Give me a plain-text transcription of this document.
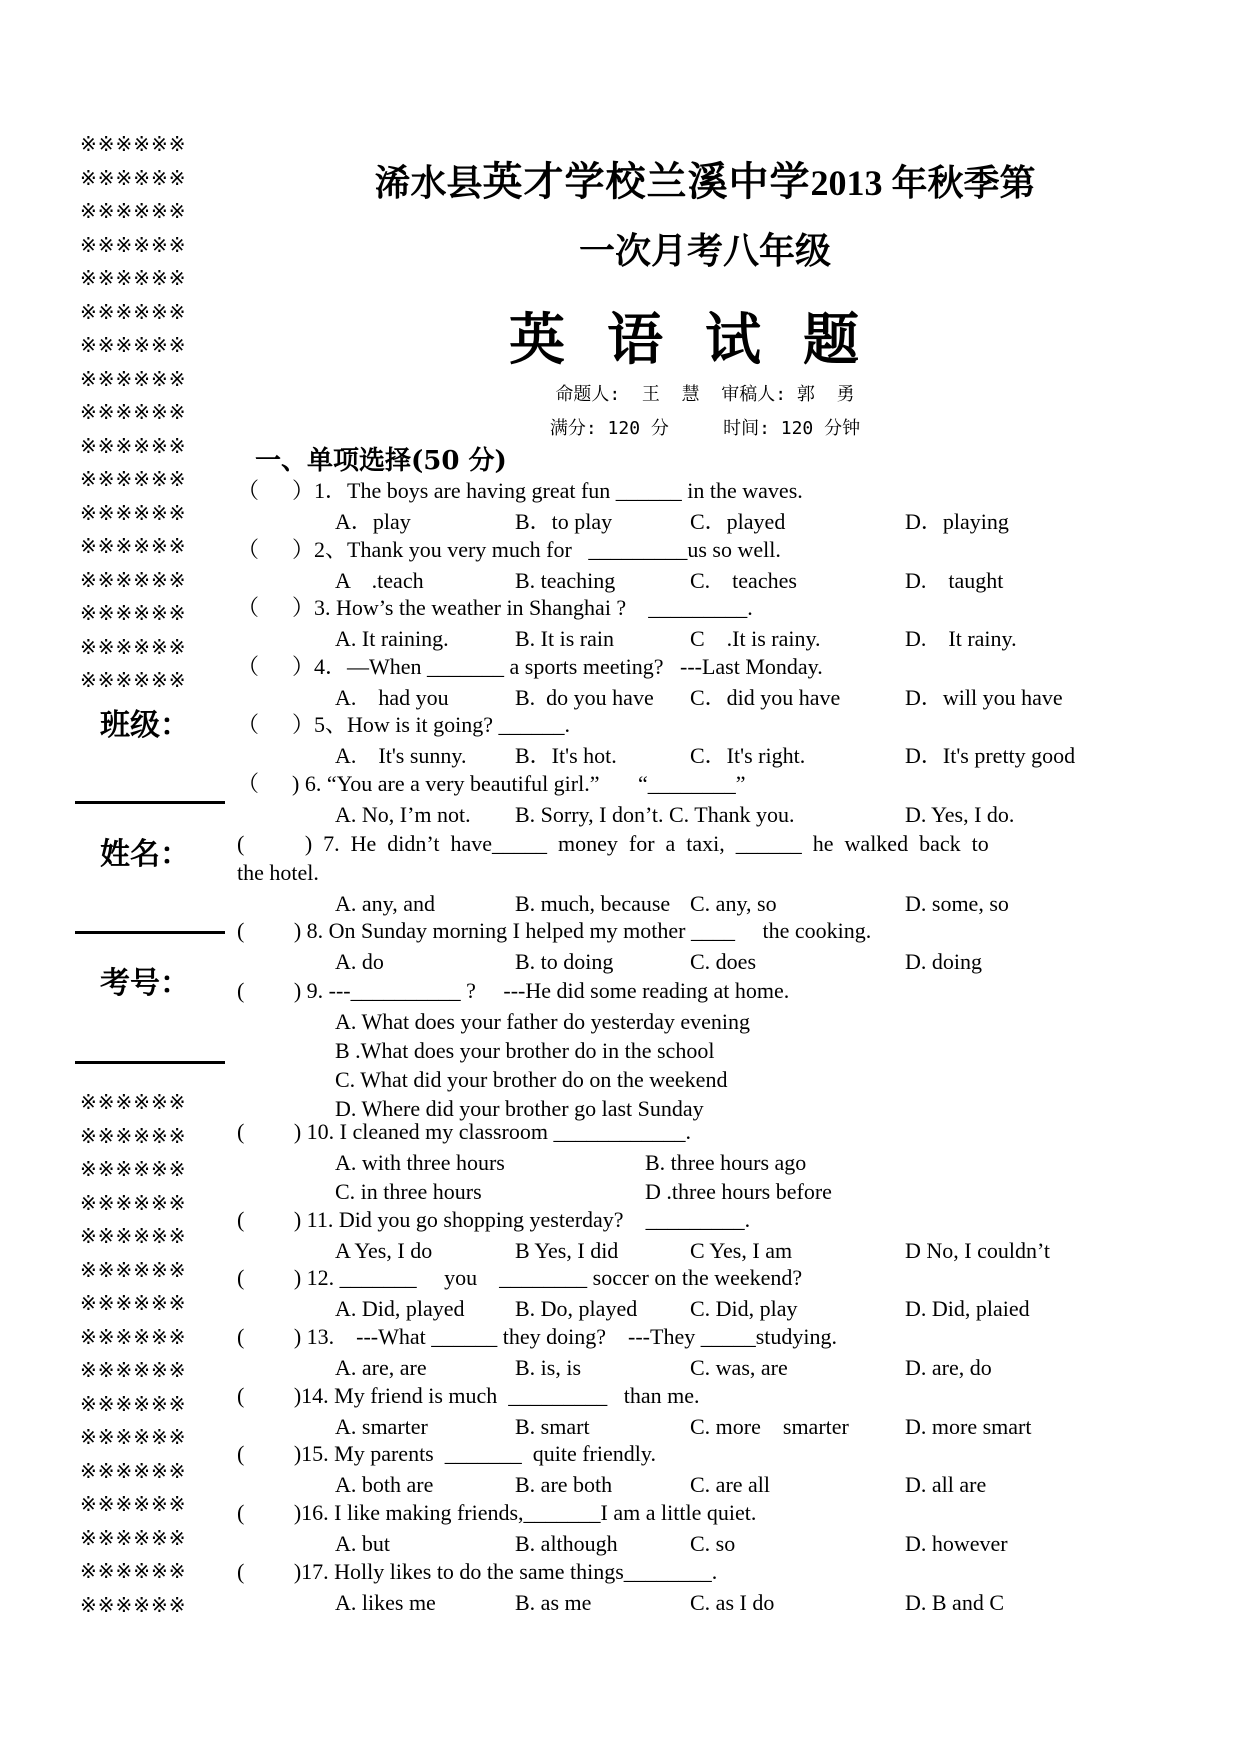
※※※※※※
※※※※※※
※※※※※※
※※※※※※
※※※※※※
※※※※※※
※※※※※※
※※※※※※
※※※※※※
※※※※※※
※※※※※※
※※※※※※
※※※※※※
※※※※※※
※※※※※※
※※※※※※
※※※※※※
班级：
姓名：
考号：
※※※※※※
※※※※※※
※※※※※※
※※※※※※
※※※※※※
※※※※※※
※※※※※※
※※※※※※
※※※※※※
※※※※※※
※※※※※※
※※※※※※
※※※※※※
※※※※※※
※※※※※※
※※※※※※
浠水县英才学校兰溪中学2013 年秋季第
一次月考八年级
英语试题
命题人:  王  慧  审稿人: 郭  勇
满分: 120 分     时间: 120 分钟
一、单项选择(50 分)
（      ）1．The boys are having great fun ______ in the waves.
A．play	B．to play	C．played	D．playing
（      ）2、Thank you very much for   _________us so well.
A    .teach	B. teaching	C.    teaches	D.    taught
（      ）3. How’s the weather in Shanghai ?    _________.
A. It raining.	B. It is rain	C    .It is rainy.	D.    It rainy.
（      ）4．—When _______ a sports meeting?   ---Last Monday.
A.    had you	B.  do you have C．did you have	D．will you have
（      ）5、How is it going? ______.
A.    It's sunny. B．It's hot.	C．It's right.	D．It's pretty good
（      ) 6. “You are a very beautiful girl.”       “________”
A. No, I’m not. B. Sorry, I don’t. C. Thank you.	D. Yes, I do.
(           )  7.  He  didn’t  have_____  money  for  a  taxi,  ______  he  walked  back  to
the hotel.
A. any, and	B. much, because C. any, so	D. some, so
(         ) 8. On Sunday morning I helped my mother ____     the cooking.
A. do	B. to doing	C. does	D. doing
(         ) 9. ---__________ ?     ---He did some reading at home.
A. What does your father do yesterday evening
B .What does your brother do in the school
C. What did your brother do on the weekend
D. Where did your brother go last Sunday
(         ) 10. I cleaned my classroom ____________.
A. with three hours	B. three hours ago
C. in three hours	D .three hours before
(         ) 11. Did you go shopping yesterday?    _________.
A Yes, I do	B Yes, I did	C Yes, I am	D No, I couldn’t
(         ) 12. _______     you    ________ soccer on the weekend?
A. Did, played B. Do, played C. Did, play	D. Did, plaied
(         ) 13.    ---What ______ they doing?    ---They _____studying.
A. are, are	B. is, is	C. was, are	D. are, do
(         )14. My friend is much  _________   than me.
A. smarter	B. smart	C. more    smarter	D. more smart
(         )15. My parents  _______  quite friendly.
A. both are	B. are both	C. are all	D. all are
(         )16. I like making friends,_______I am a little quiet.
A. but	B. although	C. so	D. however
(         )17. Holly likes to do the same things________.
A. likes me	B. as me	C. as I do	D. B and C
